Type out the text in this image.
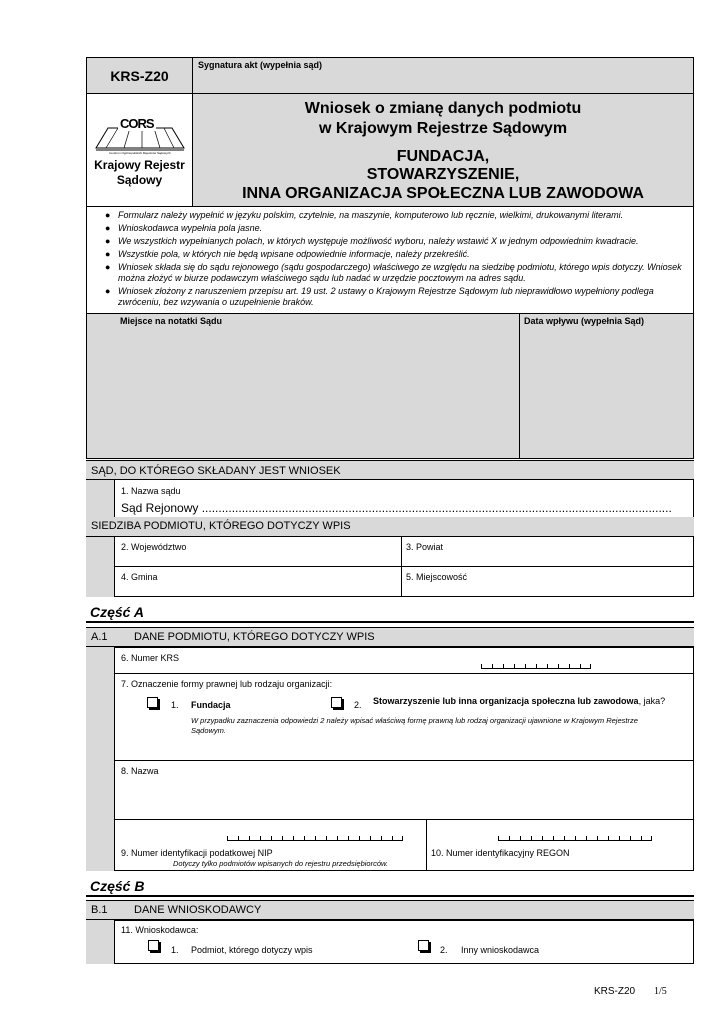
KRS-Z20
Sygnatura akt (wypełnia sąd)
CORS
Centrum Ogólnopolskich Rejestrów Sądowych
Krajowy Rejestr
Sądowy
Wniosek o zmianę danych podmiotu
w Krajowym Rejestrze Sądowym
FUNDACJA,
STOWARZYSZENIE,
INNA ORGANIZACJA SPOŁECZNA LUB ZAWODOWA
● Formularz należy wypełnić w języku polskim, czytelnie, na maszynie, komputerowo lub ręcznie, wielkimi, drukowanymi literami.
● Wnioskodawca wypełnia pola jasne.
● We wszystkich wypełnianych polach, w których występuje możliwość wyboru, należy wstawić X w jednym odpowiednim kwadracie.
● Wszystkie pola, w których nie będą wpisane odpowiednie informacje, należy przekreślić.
● Wniosek składa się do sądu rejonowego (sądu gospodarczego) właściwego ze względu na siedzibę podmiotu, którego wpis dotyczy. Wniosek można złożyć w biurze podawczym właściwego sądu lub nadać w urzędzie pocztowym na adres sądu.
● Wniosek złożony z naruszeniem przepisu art. 19 ust. 2 ustawy o Krajowym Rejestrze Sądowym lub nieprawidłowo wypełniony podlega zwróceniu, bez wzywania o uzupełnienie braków.
Miejsce na notatki Sądu	Data wpływu (wypełnia Sąd)
SĄD, DO KTÓREGO SKŁADANY JEST WNIOSEK
1. Nazwa sądu
Sąd Rejonowy .............................................................................................................................................
SIEDZIBA PODMIOTU, KTÓREGO DOTYCZY WPIS
2. Województwo	3. Powiat
4. Gmina	5. Miejscowość
Część A
A.1 DANE PODMIOTU, KTÓREGO DOTYCZY WPIS
6. Numer KRS
7. Oznaczenie formy prawnej lub rodzaju organizacji:
1. Fundacja	2. Stowarzyszenie lub inna organizacja społeczna lub zawodowa, jaka?
W przypadku zaznaczenia odpowiedzi 2 należy wpisać właściwą formę prawną lub rodzaj organizacji ujawnione w Krajowym Rejestrze Sądowym.
8. Nazwa
9. Numer identyfikacji podatkowej NIP
Dotyczy tylko podmiotów wpisanych do rejestru przedsiębiorców.
10. Numer identyfikacyjny REGON
Część B
B.1 DANE WNIOSKODAWCY
11. Wnioskodawca:
1. Podmiot, którego dotyczy wpis	2. Inny wnioskodawca
KRS-Z20 1/5
